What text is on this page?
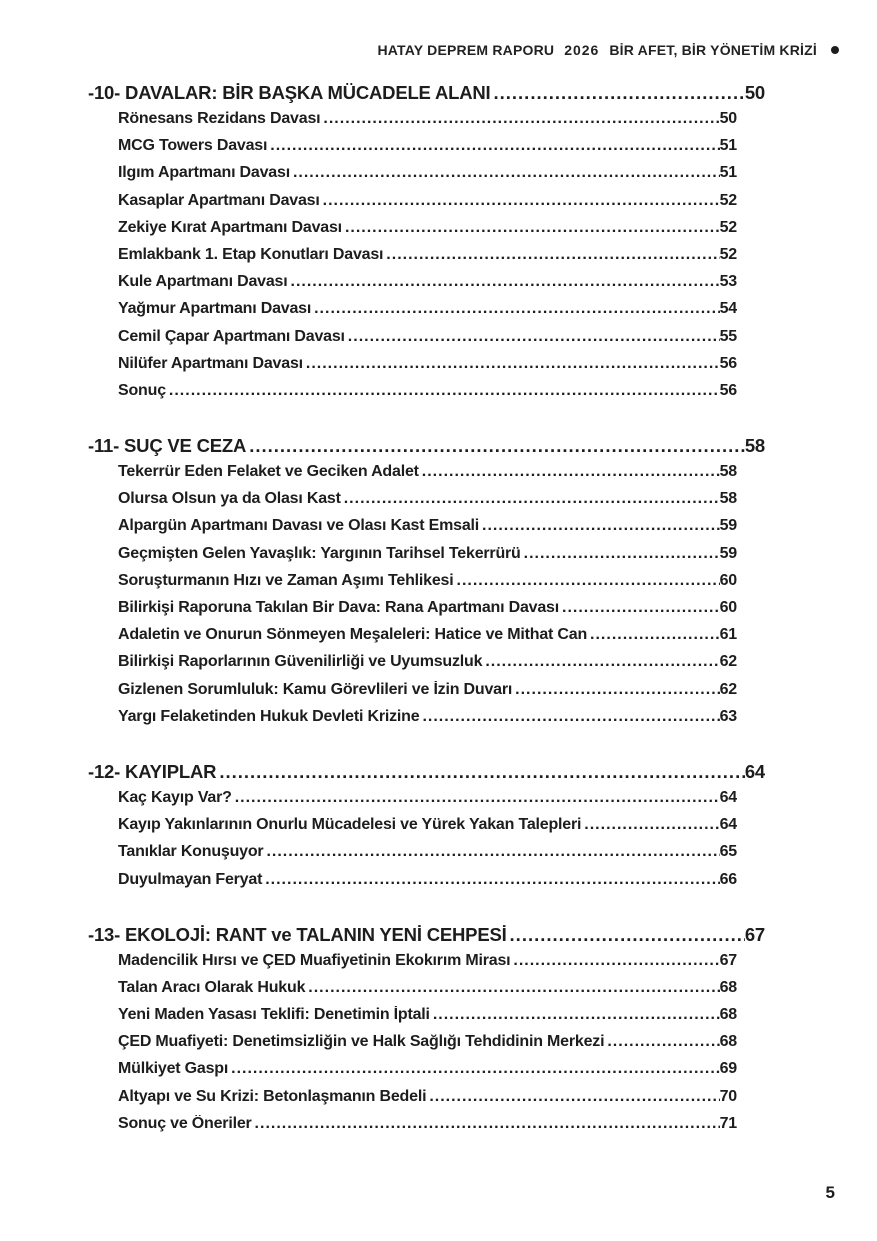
HATAY DEPREM RAPORU 2026 BİR AFET, BİR YÖNETİM KRİZİ
-10- DAVALAR: BİR BAŞKA MÜCADELE ALANI .....	50
Rönesans Rezidans Davası .....	50
MCG Towers Davası .....	51
Ilgım Apartmanı Davası .....	51
Kasaplar Apartmanı Davası .....	52
Zekiye Kırat Apartmanı Davası .....	52
Emlakbank 1. Etap Konutları Davası .....	52
Kule Apartmanı Davası .....	53
Yağmur Apartmanı Davası .....	54
Cemil Çapar Apartmanı Davası .....	55
Nilüfer Apartmanı Davası .....	56
Sonuç .....	56
-11- SUÇ VE CEZA .....	58
Tekerrür Eden Felaket ve Geciken Adalet .....	58
Olursa Olsun ya da Olası Kast .....	58
Alpargün Apartmanı Davası ve Olası Kast Emsali .....	59
Geçmişten Gelen Yavaşlık: Yargının Tarihsel Tekerrürü .....	59
Soruşturmanın Hızı ve Zaman Aşımı Tehlikesi .....	60
Bilirkişi Raporuna Takılan Bir Dava: Rana Apartmanı Davası .....	60
Adaletin ve Onurun Sönmeyen Meşaleleri: Hatice ve Mithat Can .....	61
Bilirkişi Raporlarının Güvenilirliği ve Uyumsuzluk .....	62
Gizlenen Sorumluluk: Kamu Görevlileri ve İzin Duvarı .....	62
Yargı Felaketinden Hukuk Devleti Krizine .....	63
-12- KAYIPLAR .....	64
Kaç Kayıp Var? .....	64
Kayıp Yakınlarının Onurlu Mücadelesi ve Yürek Yakan Talepleri .....	64
Tanıklar Konuşuyor .....	65
Duyulmayan Feryat .....	66
-13- EKOLOJİ: RANT ve TALANIN YENİ CEHPESİ .....	67
Madencilik Hırsı ve ÇED Muafiyetinin Ekokırım Mirası .....	67
Talan Aracı Olarak Hukuk .....	68
Yeni Maden Yasası Teklifi: Denetimin İptali .....	68
ÇED Muafiyeti: Denetimsizliğin ve Halk Sağlığı Tehdidinin Merkezi .....	68
Mülkiyet Gaspı .....	69
Altyapı ve Su Krizi: Betonlaşmanın Bedeli .....	70
Sonuç ve Öneriler .....	71
5
